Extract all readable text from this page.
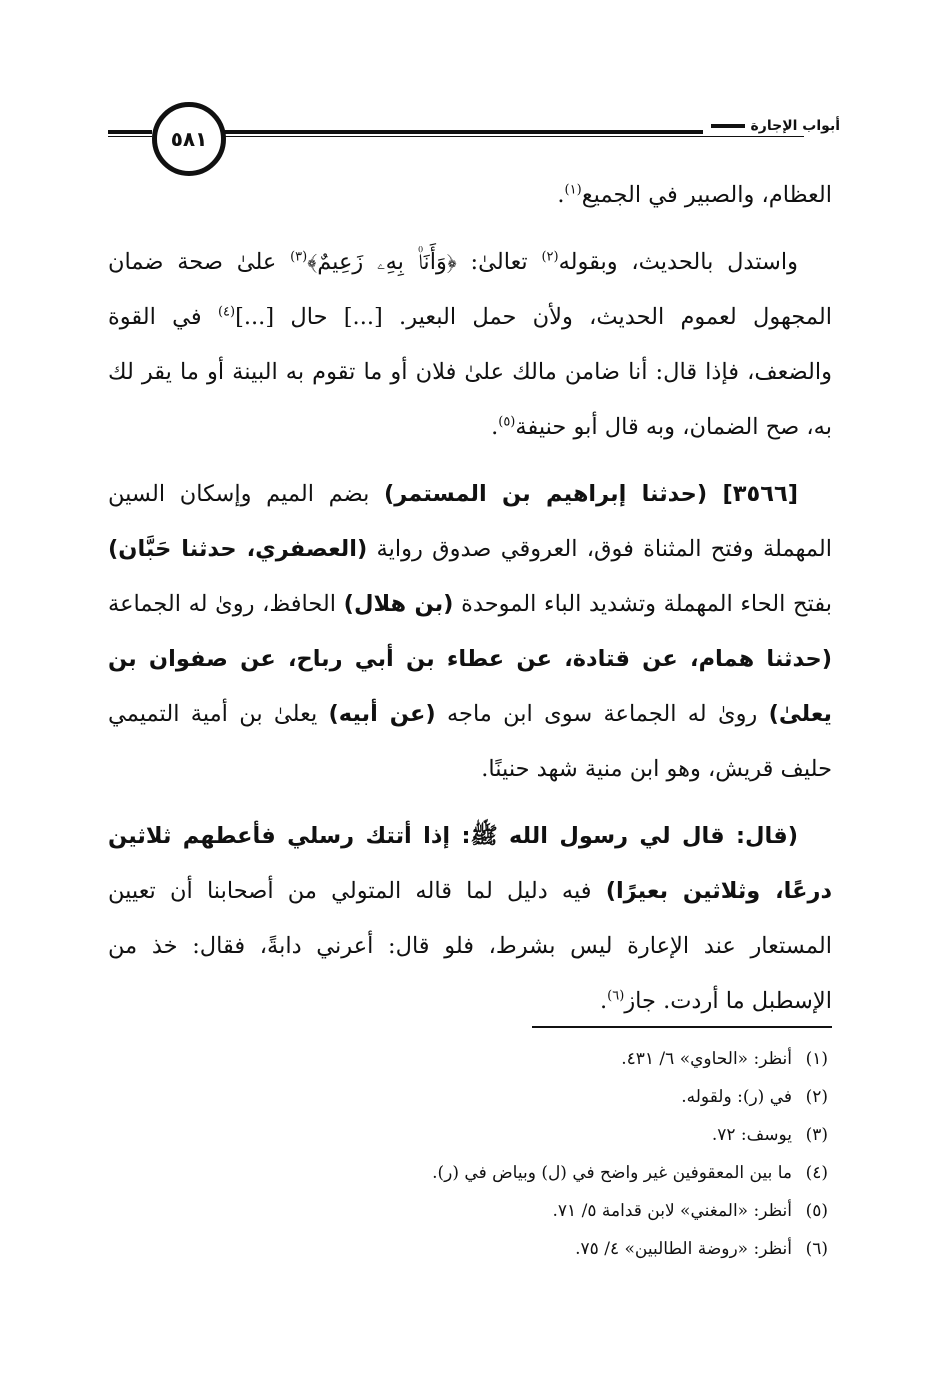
٥٨١
أبواب الإجارة

العظام، والصبير في الجميع$^{(١)}$.

واستدل بالحديث، وبقوله$^{(٢)}$ تعالىٰ: ﴿وَأَنَا۠ بِهِۦ زَعِيمٌ﴾$^{(٣)}$ علىٰ صحة ضمان المجهول لعموم الحديث، ولأن حمل البعير. [...] حال [...]$^{(٤)}$ في القوة والضعف، فإذا قال: أنا ضامن مالك علىٰ فلان أو ما تقوم به البينة أو ما يقر لك به، صح الضمان، وبه قال أبو حنيفة$^{(٥)}$.

[٣٥٦٦] (حدثنا إبراهيم بن المستمر) بضم الميم وإسكان السين المهملة وفتح المثناة فوق، العروقي صدوق رواية (العصفري، حدثنا حَبَّان) بفتح الحاء المهملة وتشديد الباء الموحدة (بن هلال) الحافظ، رویٰ له الجماعة (حدثنا همام، عن قتادة، عن عطاء بن أبي رباح، عن صفوان بن يعلىٰ) رویٰ له الجماعة سوى ابن ماجه (عن أبيه) يعلىٰ بن أمية التميمي حليف قريش، وهو ابن منية شهد حنينًا.

(قال: قال لي رسول الله ﷺ: إذا أتتك رسلي فأعطهم ثلاثين درعًا، وثلاثين بعيرًا) فيه دليل لما قاله المتولي من أصحابنا أن تعيين المستعار عند الإعارة ليس بشرط، فلو قال: أعرني دابةً، فقال: خذ من الإسطبل ما أردت. جاز$^{(٦)}$.

(١)
أنظر: «الحاوي» ٦/ ٤٣١.
(٢)
في (ر): ولقوله.
(٣)
يوسف: ٧٢.
(٤)
ما بين المعقوفين غير واضح في (ل) وبياض في (ر).
(٥)
أنظر: «المغني» لابن قدامة ٥/ ٧١.
(٦)
أنظر: «روضة الطالبين» ٤/ ٧٥.
